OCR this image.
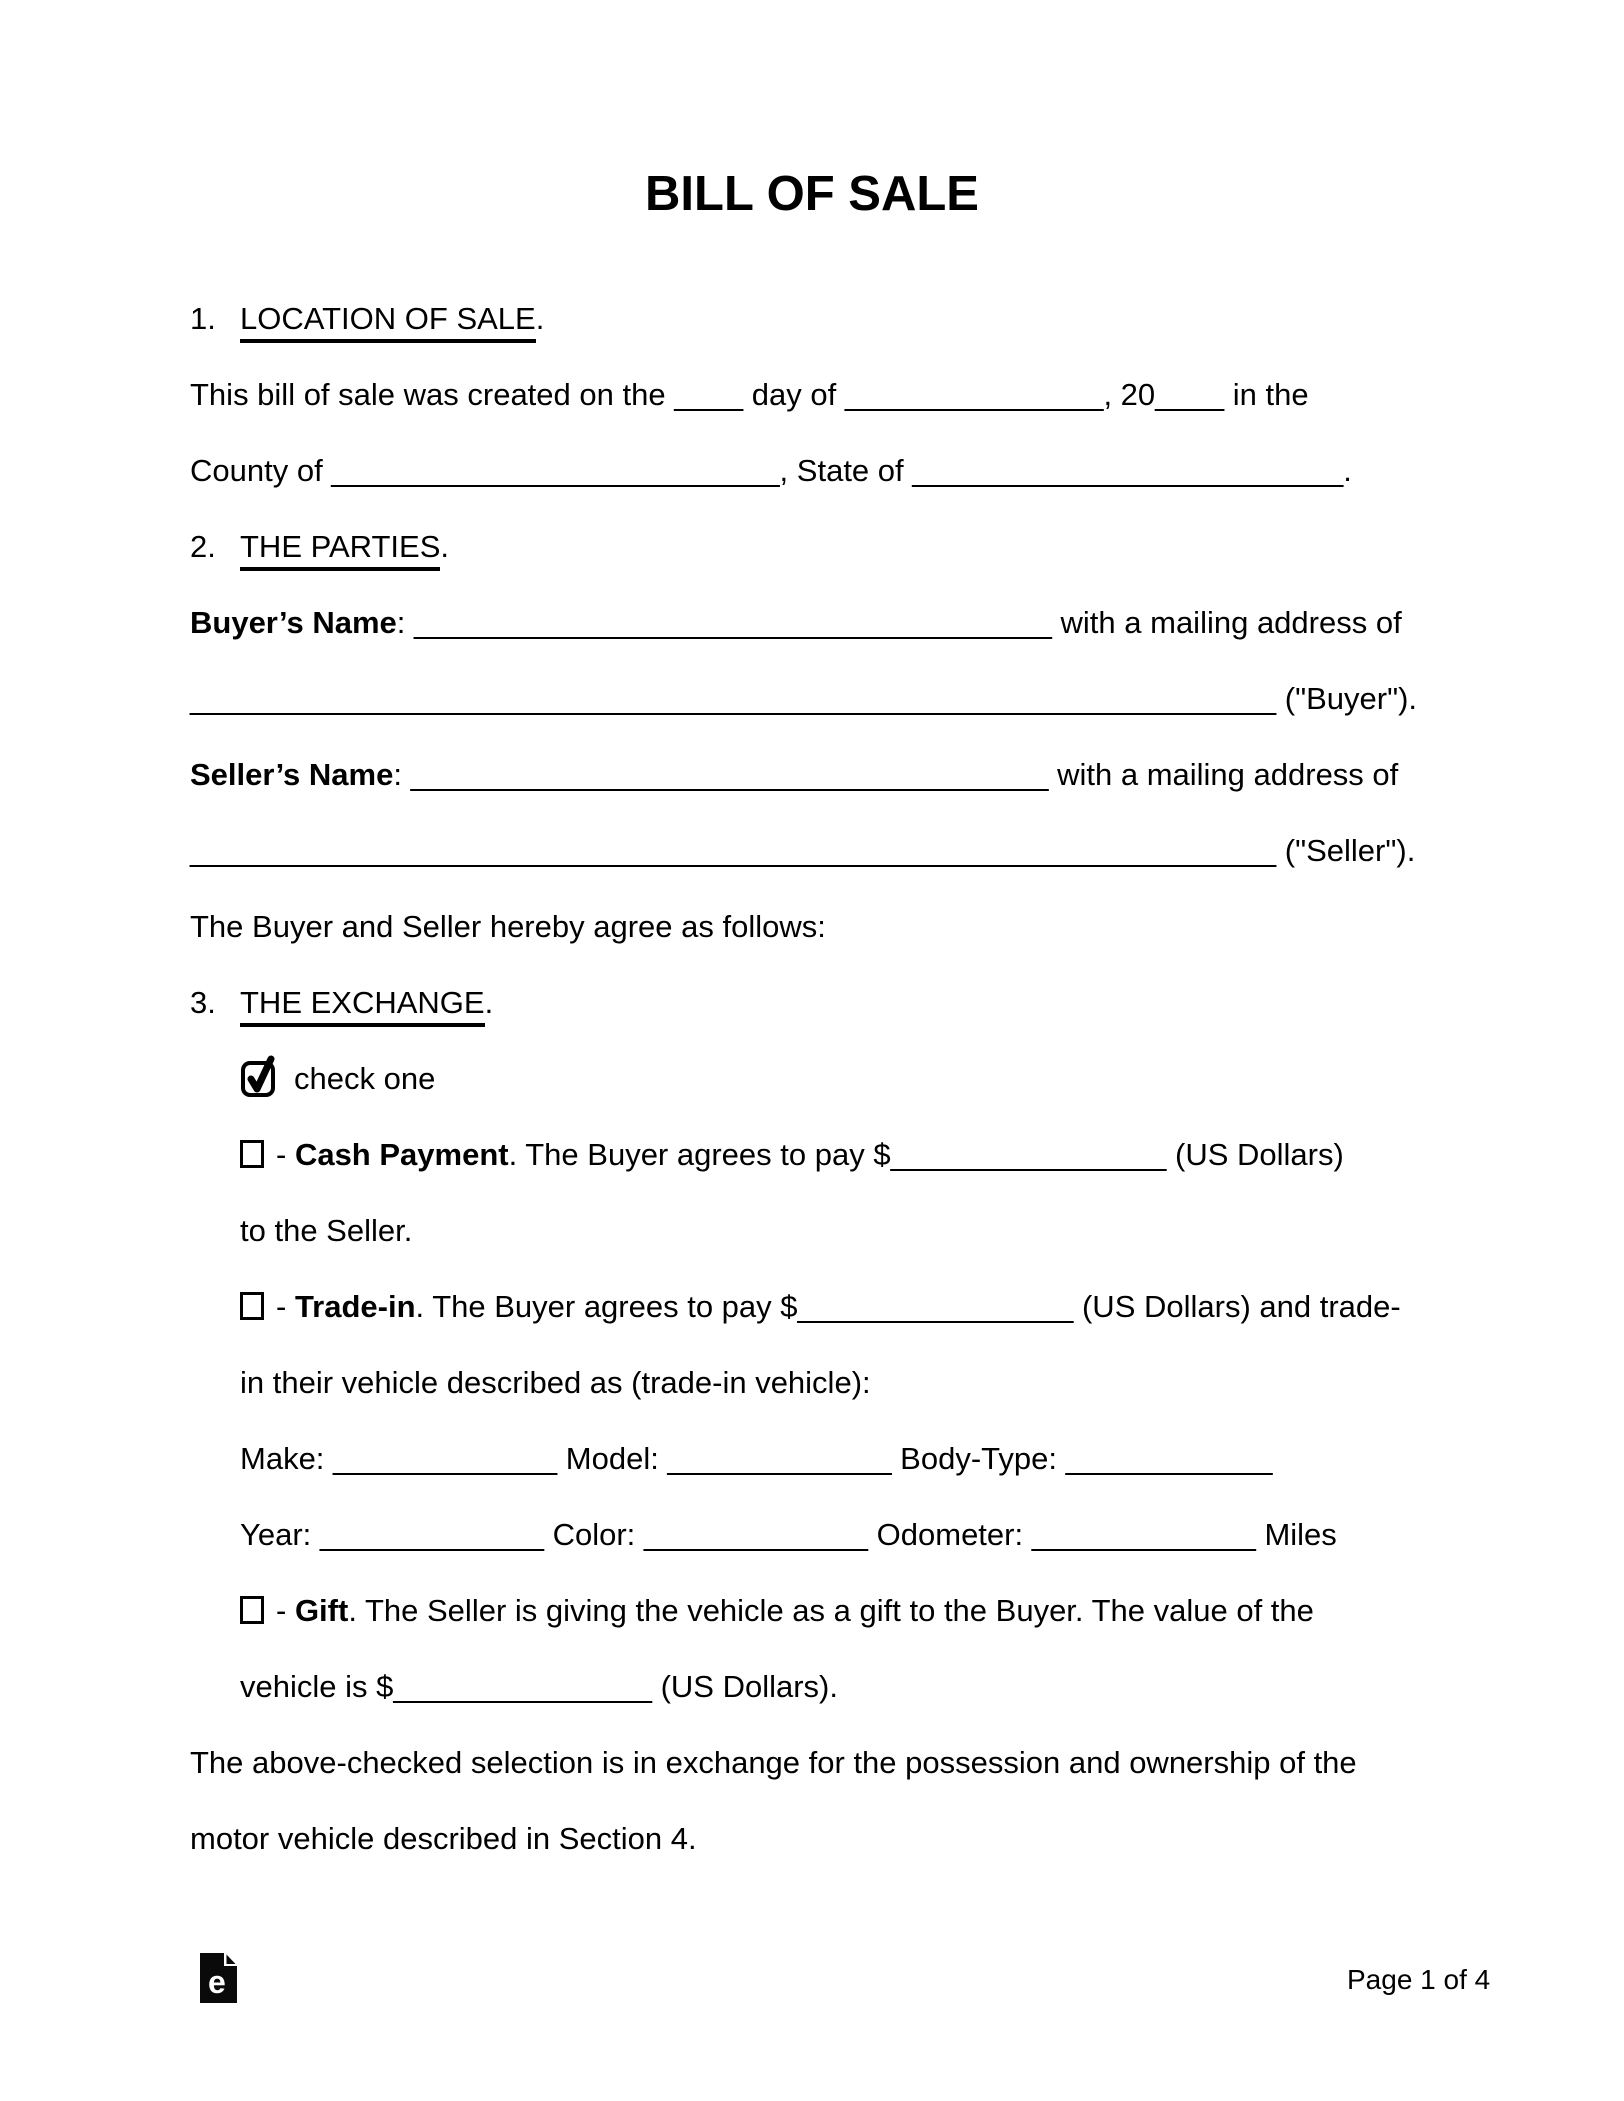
BILL OF SALE
1. LOCATION OF SALE.
This bill of sale was created on the ____ day of _______________, 20____ in the
County of __________________________, State of _________________________.
2. THE PARTIES.
Buyer’s Name: _____________________________________ with a mailing address of
_______________________________________________________________ ("Buyer").
Seller’s Name: _____________________________________ with a mailing address of
_______________________________________________________________ ("Seller").
The Buyer and Seller hereby agree as follows:
3. THE EXCHANGE.
check one
- Cash Payment. The Buyer agrees to pay $________________ (US Dollars)
to the Seller.
- Trade-in. The Buyer agrees to pay $________________ (US Dollars) and trade-
in their vehicle described as (trade-in vehicle):
Make: _____________ Model: _____________ Body-Type: ____________
Year: _____________ Color: _____________ Odometer: _____________ Miles
- Gift. The Seller is giving the vehicle as a gift to the Buyer. The value of the
vehicle is $_______________ (US Dollars).
The above-checked selection is in exchange for the possession and ownership of the
motor vehicle described in Section 4.
e	Page 1 of 4
